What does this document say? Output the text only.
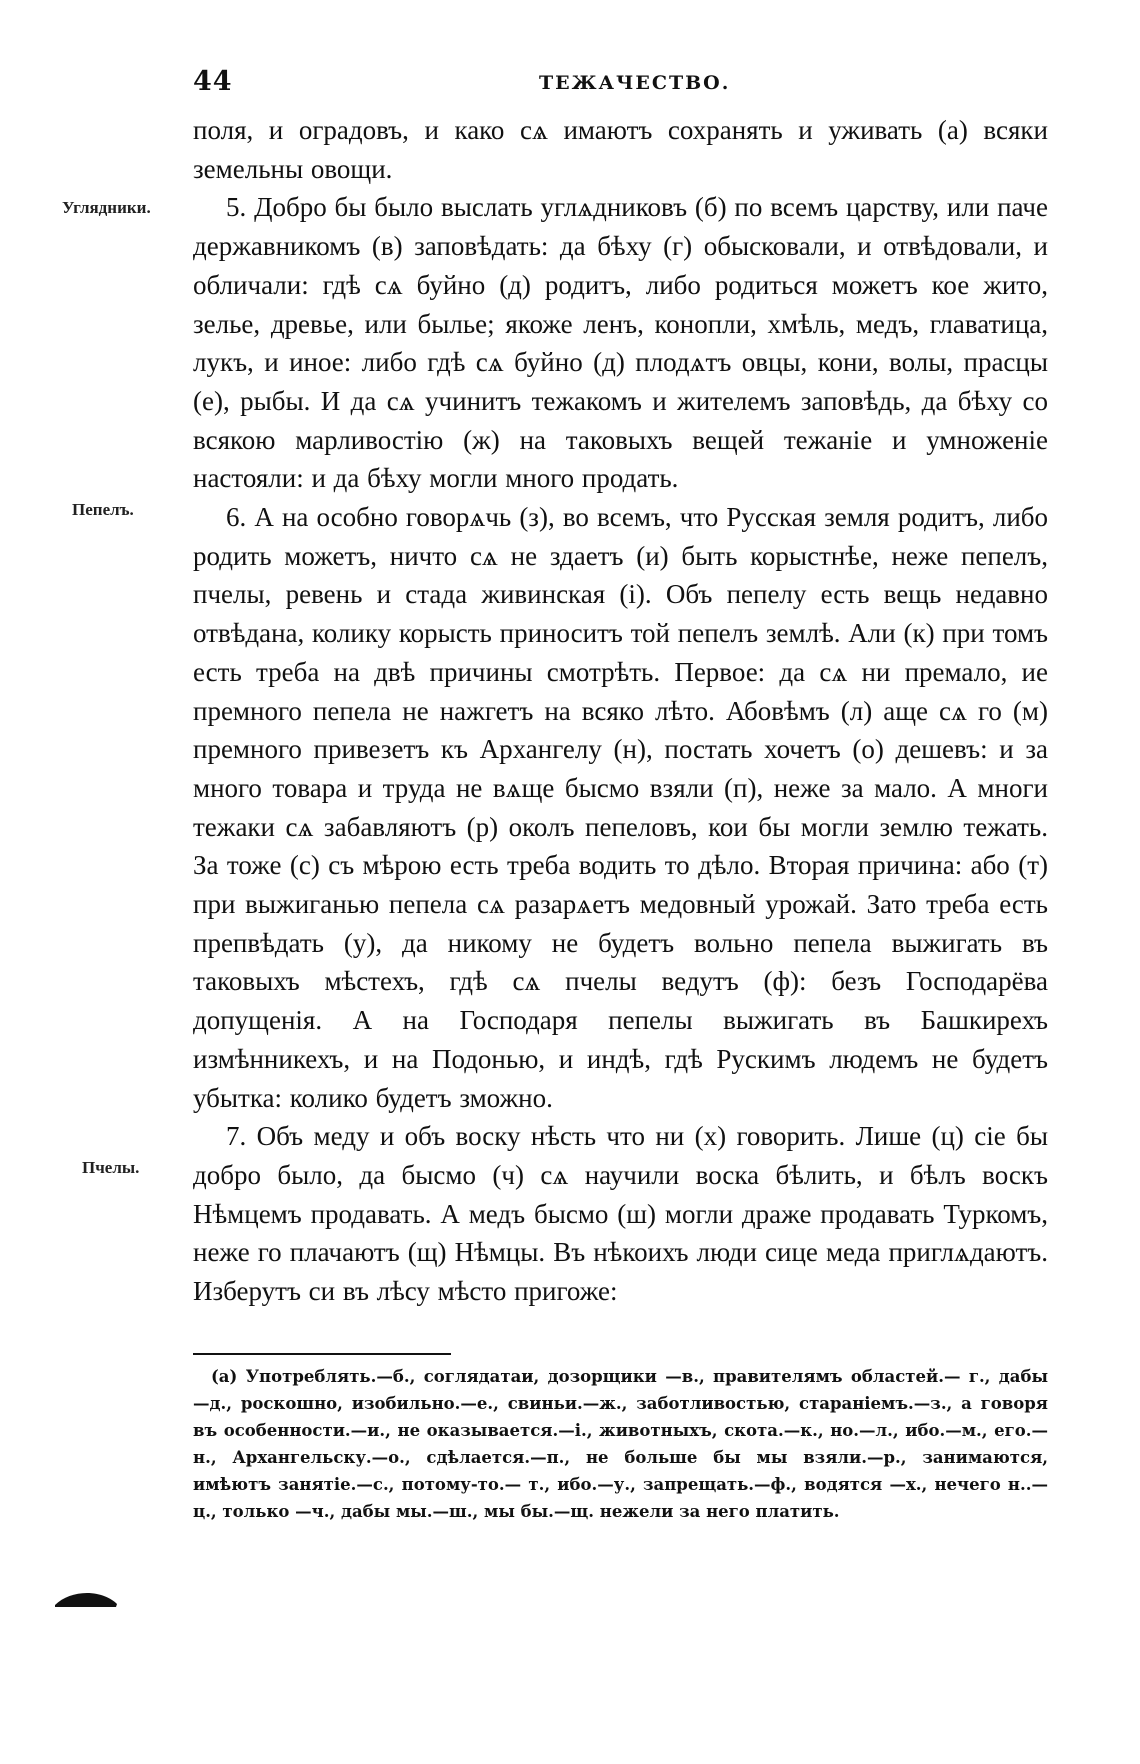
44	ТЕЖАЧЕСТВО.
Углядники.
Пепелъ.
Пчелы.

поля, и оградовъ, и како сѧ имаютъ сохранять и уживать (а) всяки земельны овощи.

5. Добро бы было выслать углѧдниковъ (б) по всемъ царству, или паче державникомъ (в) заповѣдать: да бѣху (г) обысковали, и отвѣдовали, и обличали: гдѣ сѧ буйно (д) родитъ, либо родиться можетъ кое жито, зелье, древье, или былье; якоже ленъ, конопли, хмѣль, медъ, главатица, лукъ, и иное: либо гдѣ сѧ буйно (д) плодѧтъ овцы, кони, волы, прасцы (е), рыбы. И да сѧ учинитъ тежакомъ и жителемъ заповѣдь, да бѣху со всякою марливостію (ж) на таковыхъ вещей тежаніе и умноженіе настояли: и да бѣху могли много продать.

6. А на особно говорѧчь (з), во всемъ, что Русская земля родитъ, либо родить можетъ, ничто сѧ не здаетъ (и) быть корыстнѣе, неже пепелъ, пчелы, ревень и стада живинская (і). Объ пепелу есть вещь недавно отвѣдана, колику корысть приноситъ той пепелъ землѣ. Али (к) при томъ есть треба на двѣ причины смотрѣть. Первое: да сѧ ни премало, ие премного пепела не нажгетъ на всяко лѣто. Абовѣмъ (л) аще сѧ го (м) премного привезетъ къ Архангелу (н), постать хочетъ (о) дешевъ: и за много товара и труда не вѧще бысмо взяли (п), неже за мало. А многи тежаки сѧ забавляютъ (р) околъ пепеловъ, кои бы могли землю тежать. За тоже (с) съ мѣрою есть треба водить то дѣло. Вторая причина: або (т) при выжиганью пепела сѧ разарѧетъ медовный урожай. Зато треба есть препвѣдать (у), да никому не будетъ вольно пепела выжигать въ таковыхъ мѣстехъ, гдѣ сѧ пчелы ведутъ (ф): безъ Господарёва допущенія. А на Господаря пепелы выжигать въ Башкирехъ измѣнникехъ, и на Подонью, и индѣ, гдѣ Рускимъ людемъ не будетъ убытка: колико будетъ зможно.

7. Объ меду и объ воску нѣсть что ни (х) говорить. Лише (ц) сіе бы добро было, да бысмо (ч) сѧ научили воска бѣлить, и бѣлъ воскъ Нѣмцемъ продавать. А медъ бысмо (ш) могли драже продавать Туркомъ, неже го плачаютъ (щ) Нѣмцы. Въ нѣкоихъ люди сице меда приглѧдаютъ. Изберутъ си въ лѣсу мѣсто пригоже:

(а) Употреблять.—б., соглядатаи, дозорщики —в., правителямъ областей.— г., дабы —д., роскошно, изобильно.—е., свиньи.—ж., заботливостью, стараніемъ.—з., а говоря въ особенности.—и., не оказывается.—і., животныхъ, скота.—к., но.—л., ибо.—м., его.—н., Архангельску.—о., сдѣлается.—п., не больше бы мы взяли.—р., занимаются, имѣютъ занятіе.—с., потому-то.— т., ибо.—у., запрещать.—ф., водятся —х., нечего н..—ц., только —ч., дабы мы.—ш., мы бы.—щ. нежели за него платить.
